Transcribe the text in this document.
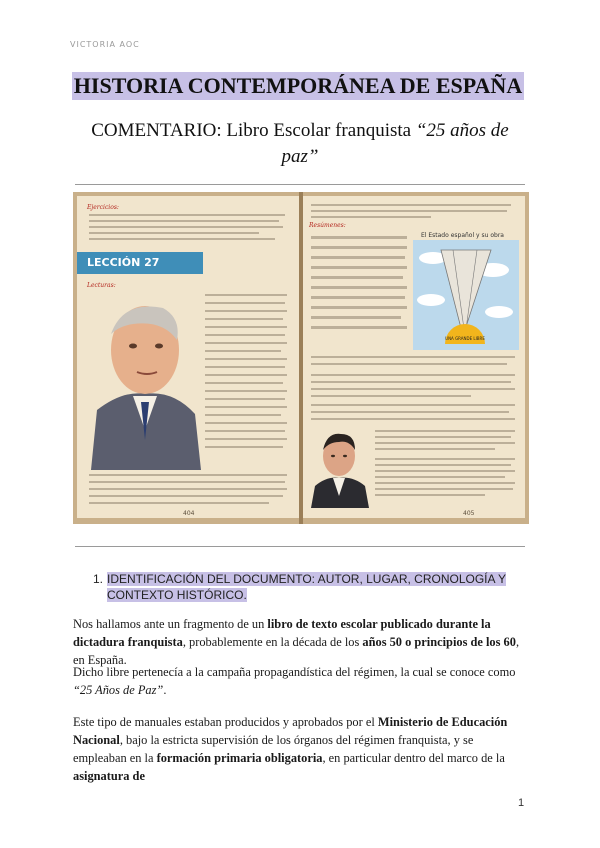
VICTORIA AOC
HISTORIA CONTEMPORÁNEA DE ESPAÑA
COMENTARIO: Libro Escolar franquista “25 años de paz”
Ejercicios:
LECCIÓN 27
Lecturas:
404
Resúmenes:
El Estado español y su obra
UNA GRANDE LIBRE
405
1. IDENTIFICACIÓN DEL DOCUMENTO: AUTOR, LUGAR, CRONOLOGÍA Y CONTEXTO HISTÓRICO.
Nos hallamos ante un fragmento de un libro de texto escolar publicado durante la dictadura franquista, probablemente en la década de los años 50 o principios de los 60, en España.
Dicho libre pertenecía a la campaña propagandística del régimen, la cual se conoce como “25 Años de Paz”.
Este tipo de manuales estaban producidos y aprobados por el Ministerio de Educación Nacional, bajo la estricta supervisión de los órganos del régimen franquista, y se empleaban en la formación primaria obligatoria, en particular dentro del marco de la asignatura de
1
